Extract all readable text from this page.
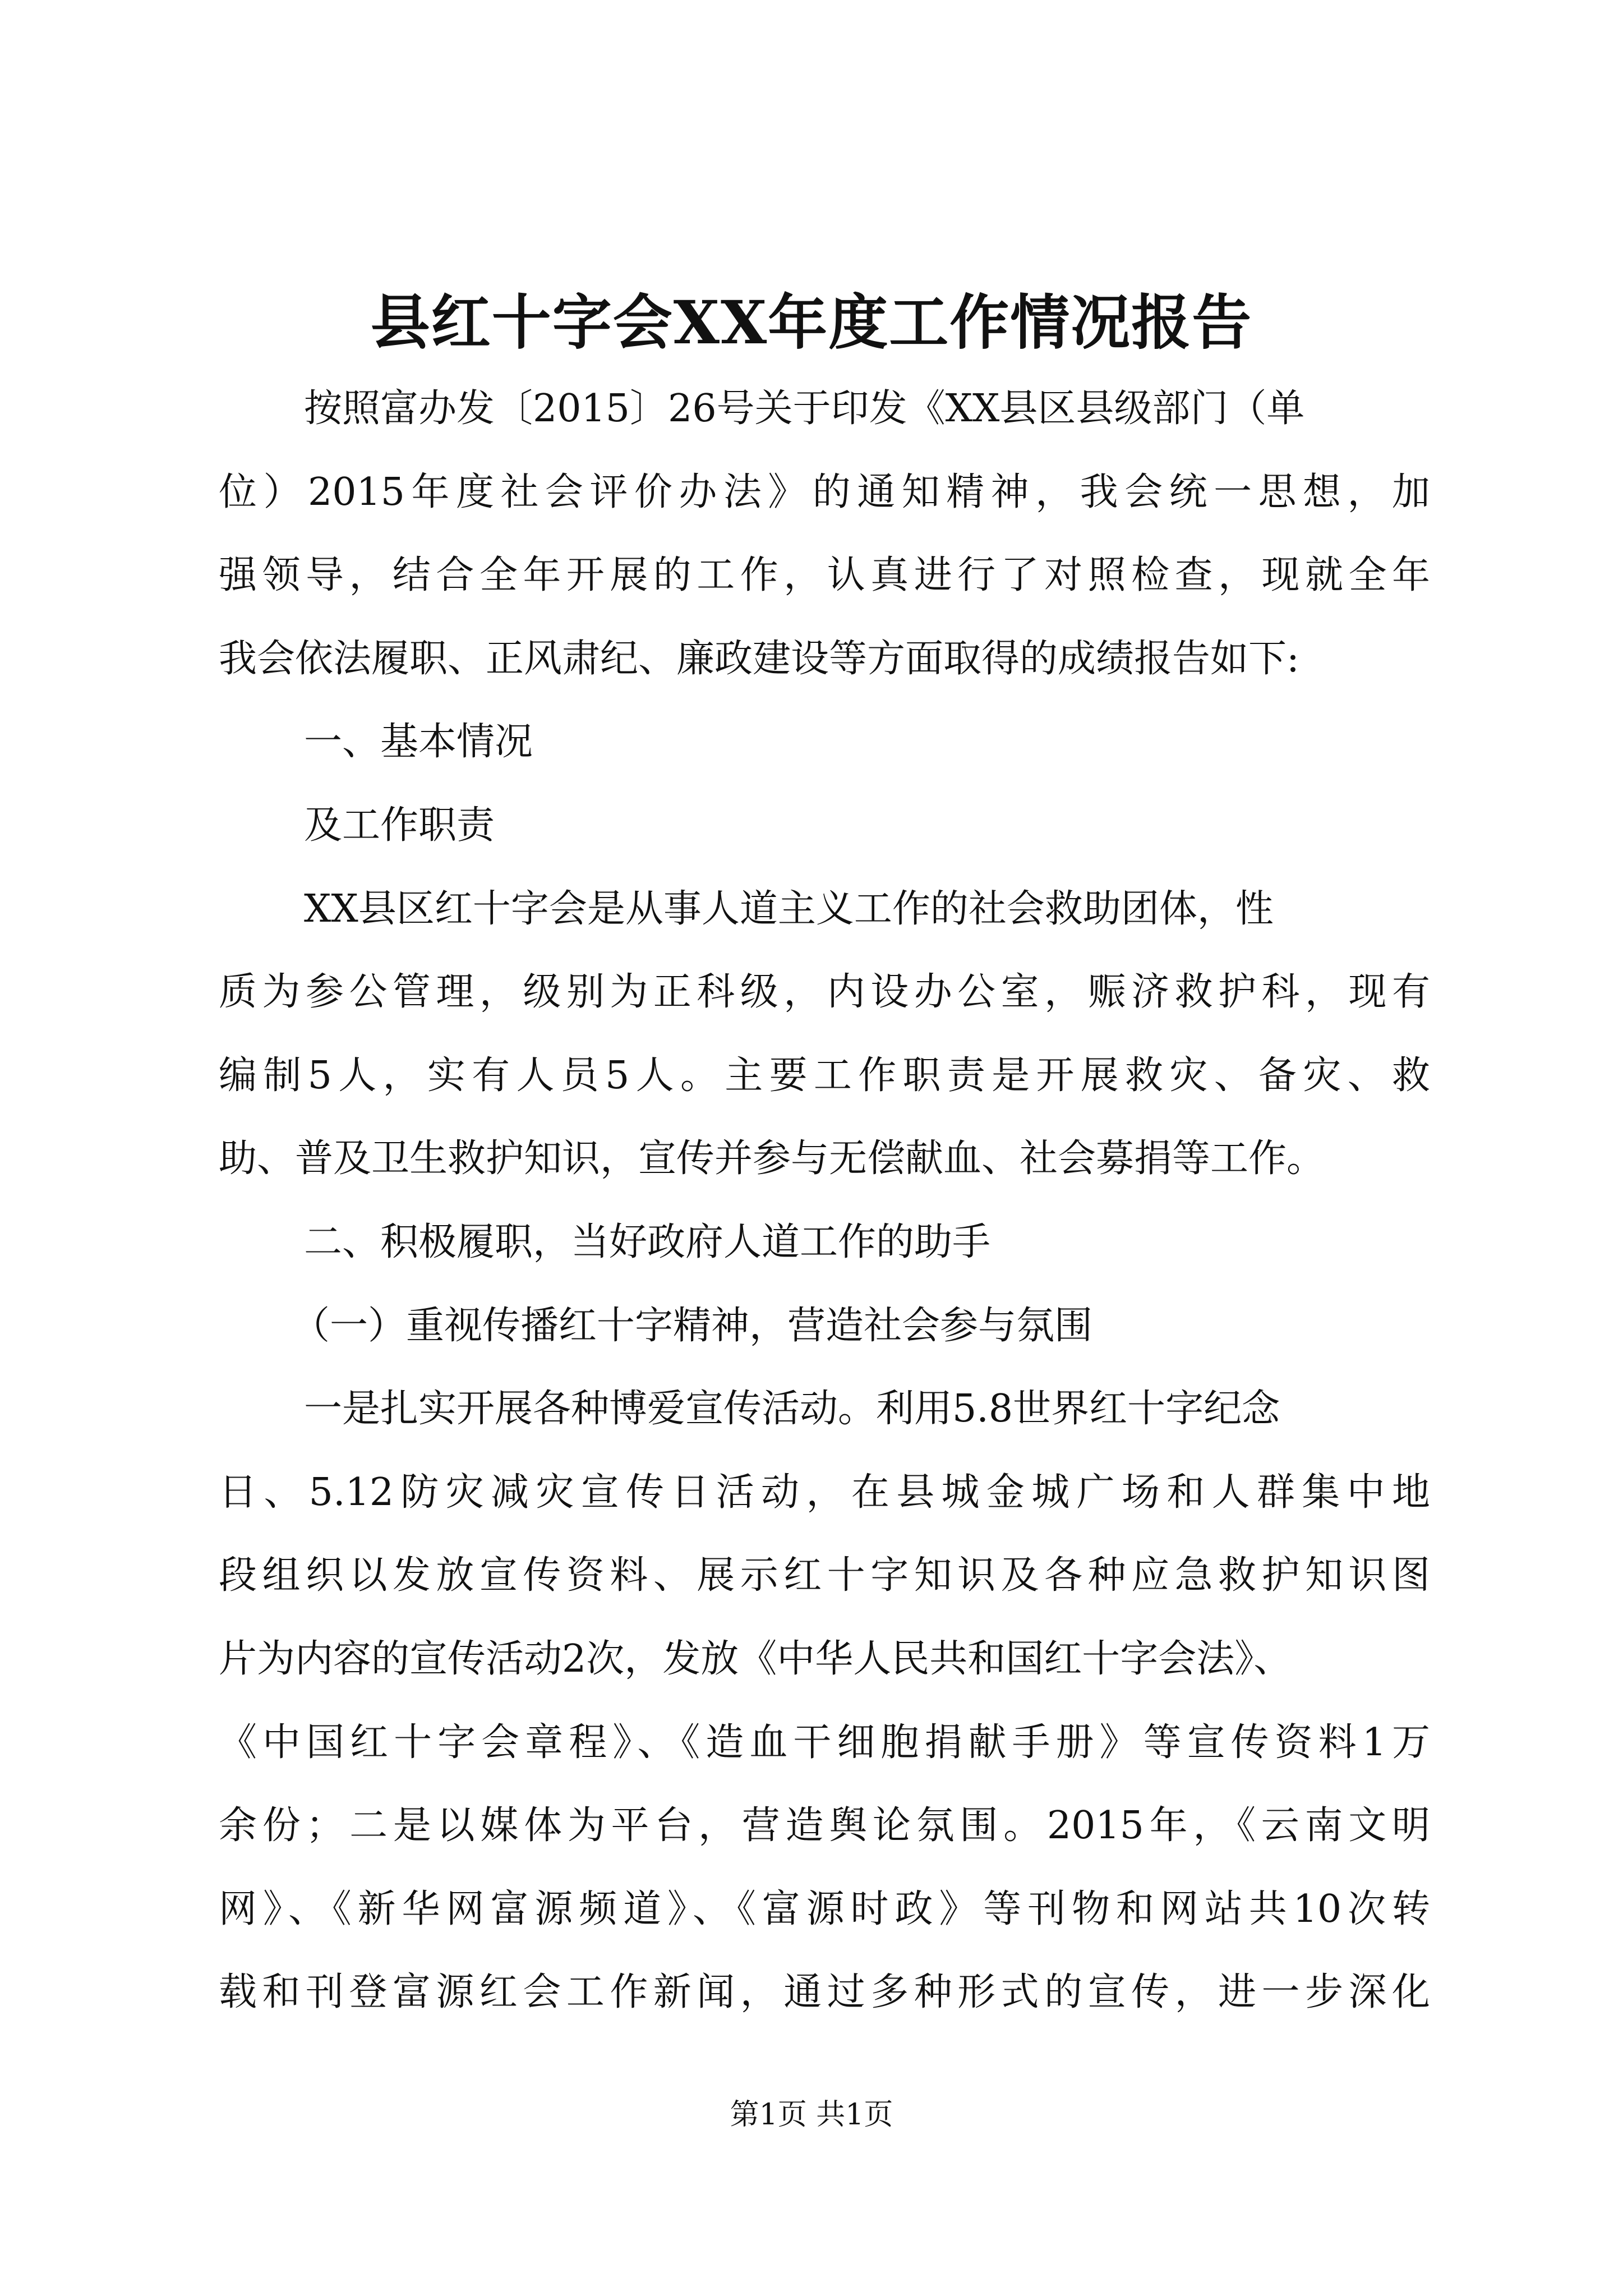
县红十字会XX年度工作情况报告
按照富办发〔2015〕26号关于印发《XX县区县级部门（单
位）2015年度社会评价办法》的通知精神，我会统一思想，加
强领导，结合全年开展的工作，认真进行了对照检查，现就全年
我会依法履职、正风肃纪、廉政建设等方面取得的成绩报告如下:
一、基本情况
及工作职责
XX县区红十字会是从事人道主义工作的社会救助团体，性
质为参公管理，级别为正科级，内设办公室，赈济救护科，现有
编制5人，实有人员5人。主要工作职责是开展救灾、备灾、救
助、普及卫生救护知识，宣传并参与无偿献血、社会募捐等工作。
二、积极履职，当好政府人道工作的助手
（一）重视传播红十字精神，营造社会参与氛围
一是扎实开展各种博爱宣传活动。利用5.8世界红十字纪念
日、5.12防灾减灾宣传日活动，在县城金城广场和人群集中地
段组织以发放宣传资料、展示红十字知识及各种应急救护知识图
片为内容的宣传活动2次，发放《中华人民共和国红十字会法》、
《中国红十字会章程》、《造血干细胞捐献手册》等宣传资料1万
余份；二是以媒体为平台，营造舆论氛围。2015年，《云南文明
网》、《新华网富源频道》、《富源时政》等刊物和网站共10次转
载和刊登富源红会工作新闻，通过多种形式的宣传，进一步深化
第1页 共1页
